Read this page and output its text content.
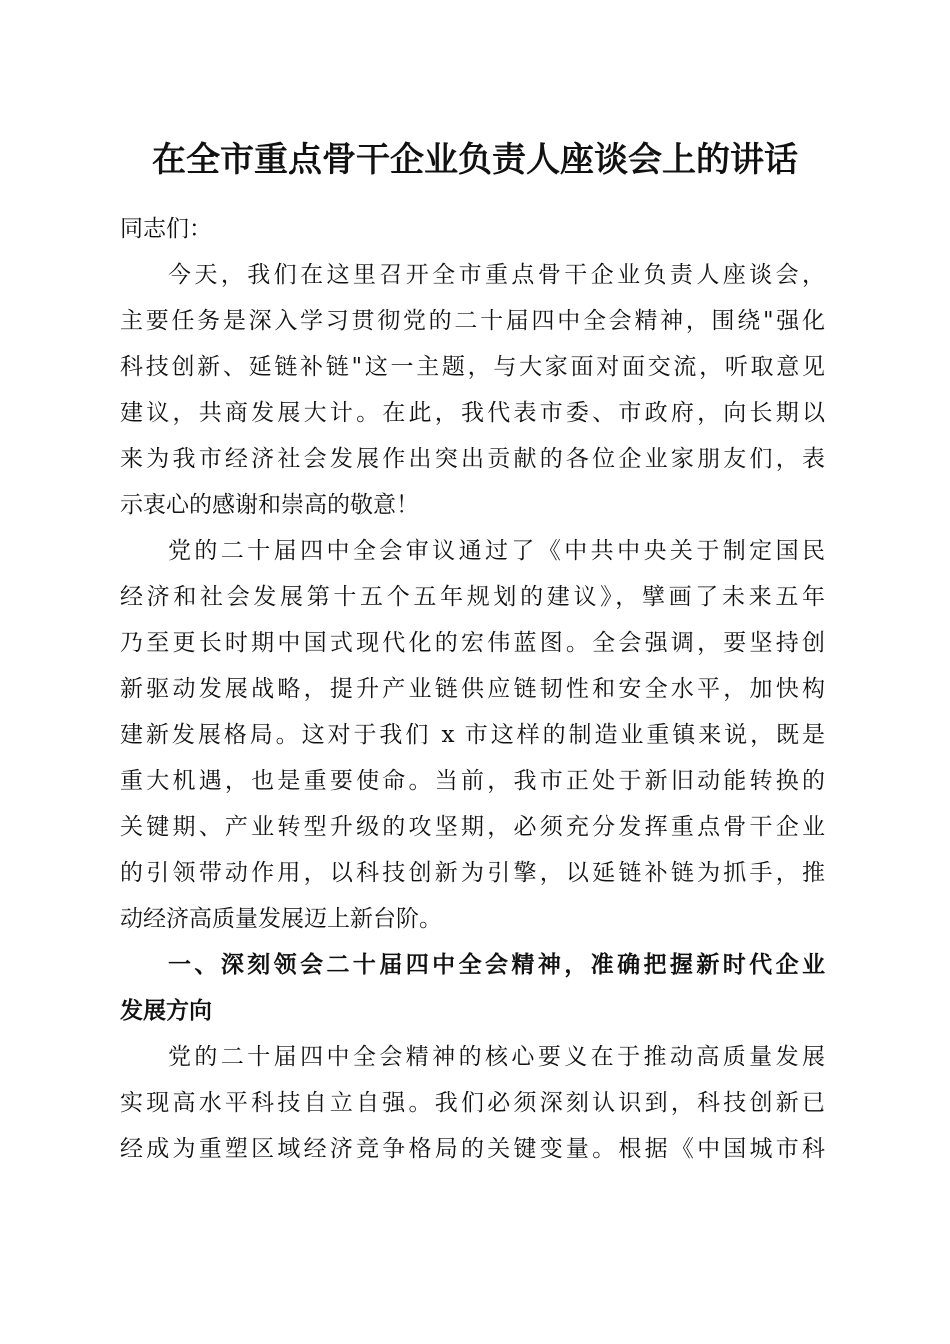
在全市重点骨干企业负责人座谈会上的讲话
同志们：
今天，我们在这里召开全市重点骨干企业负责人座谈会，
主要任务是深入学习贯彻党的二十届四中全会精神，围绕"强化
科技创新、延链补链"这一主题，与大家面对面交流，听取意见
建议，共商发展大计。在此，我代表市委、市政府，向长期以
来为我市经济社会发展作出突出贡献的各位企业家朋友们，表
示衷心的感谢和崇高的敬意！
党的二十届四中全会审议通过了《中共中央关于制定国民
经济和社会发展第十五个五年规划的建议》，擘画了未来五年
乃至更长时期中国式现代化的宏伟蓝图。全会强调，要坚持创
新驱动发展战略，提升产业链供应链韧性和安全水平，加快构
建新发展格局。这对于我们 x 市这样的制造业重镇来说，既是
重大机遇，也是重要使命。当前，我市正处于新旧动能转换的
关键期、产业转型升级的攻坚期，必须充分发挥重点骨干企业
的引领带动作用，以科技创新为引擎，以延链补链为抓手，推
动经济高质量发展迈上新台阶。
一、深刻领会二十届四中全会精神，准确把握新时代企业
发展方向
党的二十届四中全会精神的核心要义在于推动高质量发展
实现高水平科技自立自强。我们必须深刻认识到，科技创新已
经成为重塑区域经济竞争格局的关键变量。根据《中国城市科
